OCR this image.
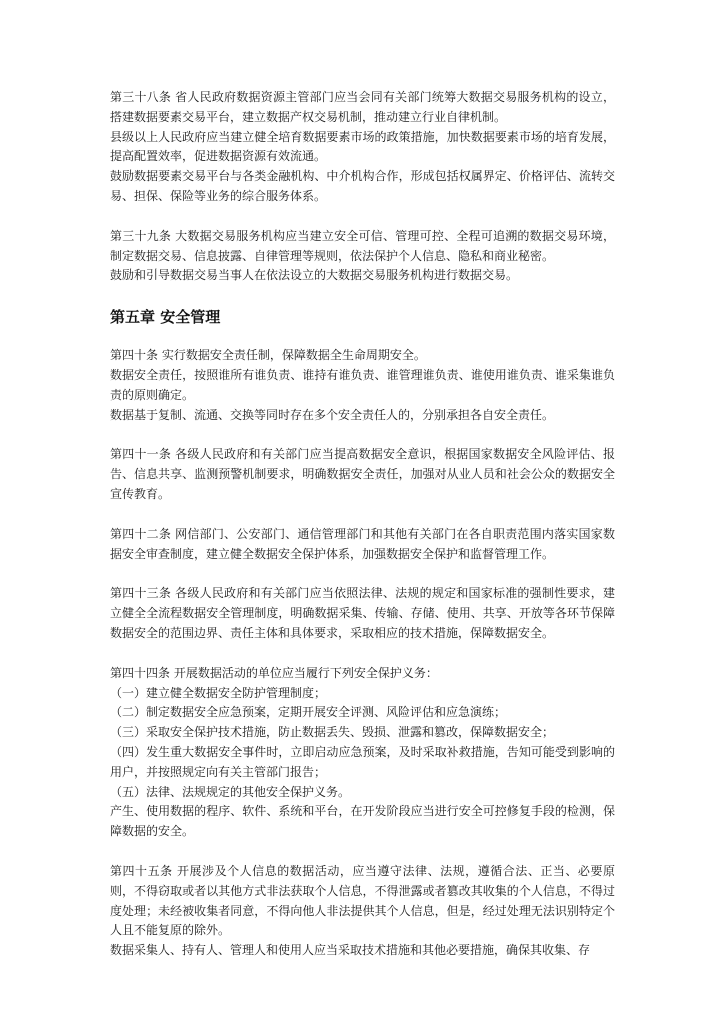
第三十八条 省人民政府数据资源主管部门应当会同有关部门统筹大数据交易服务机构的设立，搭建数据要素交易平台，建立数据产权交易机制，推动建立行业自律机制。

县级以上人民政府应当建立健全培育数据要素市场的政策措施，加快数据要素市场的培育发展，提高配置效率，促进数据资源有效流通。

鼓励数据要素交易平台与各类金融机构、中介机构合作，形成包括权属界定、价格评估、流转交易、担保、保险等业务的综合服务体系。

第三十九条 大数据交易服务机构应当建立安全可信、管理可控、全程可追溯的数据交易环境，制定数据交易、信息披露、自律管理等规则，依法保护个人信息、隐私和商业秘密。

鼓励和引导数据交易当事人在依法设立的大数据交易服务机构进行数据交易。

第五章 安全管理

第四十条 实行数据安全责任制，保障数据全生命周期安全。

数据安全责任，按照谁所有谁负责、谁持有谁负责、谁管理谁负责、谁使用谁负责、谁采集谁负责的原则确定。

数据基于复制、流通、交换等同时存在多个安全责任人的，分别承担各自安全责任。

第四十一条 各级人民政府和有关部门应当提高数据安全意识，根据国家数据安全风险评估、报告、信息共享、监测预警机制要求，明确数据安全责任，加强对从业人员和社会公众的数据安全宣传教育。

第四十二条 网信部门、公安部门、通信管理部门和其他有关部门在各自职责范围内落实国家数据安全审查制度，建立健全数据安全保护体系，加强数据安全保护和监督管理工作。

第四十三条 各级人民政府和有关部门应当依照法律、法规的规定和国家标准的强制性要求，建立健全全流程数据安全管理制度，明确数据采集、传输、存储、使用、共享、开放等各环节保障数据安全的范围边界、责任主体和具体要求，采取相应的技术措施，保障数据安全。

第四十四条 开展数据活动的单位应当履行下列安全保护义务：

（一）建立健全数据安全防护管理制度；

（二）制定数据安全应急预案，定期开展安全评测、风险评估和应急演练；

（三）采取安全保护技术措施，防止数据丢失、毁损、泄露和篡改，保障数据安全；

（四）发生重大数据安全事件时，立即启动应急预案，及时采取补救措施，告知可能受到影响的用户，并按照规定向有关主管部门报告；

（五）法律、法规规定的其他安全保护义务。

产生、使用数据的程序、软件、系统和平台，在开发阶段应当进行安全可控修复手段的检测，保障数据的安全。

第四十五条 开展涉及个人信息的数据活动，应当遵守法律、法规，遵循合法、正当、必要原则，不得窃取或者以其他方式非法获取个人信息，不得泄露或者篡改其收集的个人信息，不得过度处理；未经被收集者同意，不得向他人非法提供其个人信息，但是，经过处理无法识别特定个人且不能复原的除外。

数据采集人、持有人、管理人和使用人应当采取技术措施和其他必要措施，确保其收集、存
